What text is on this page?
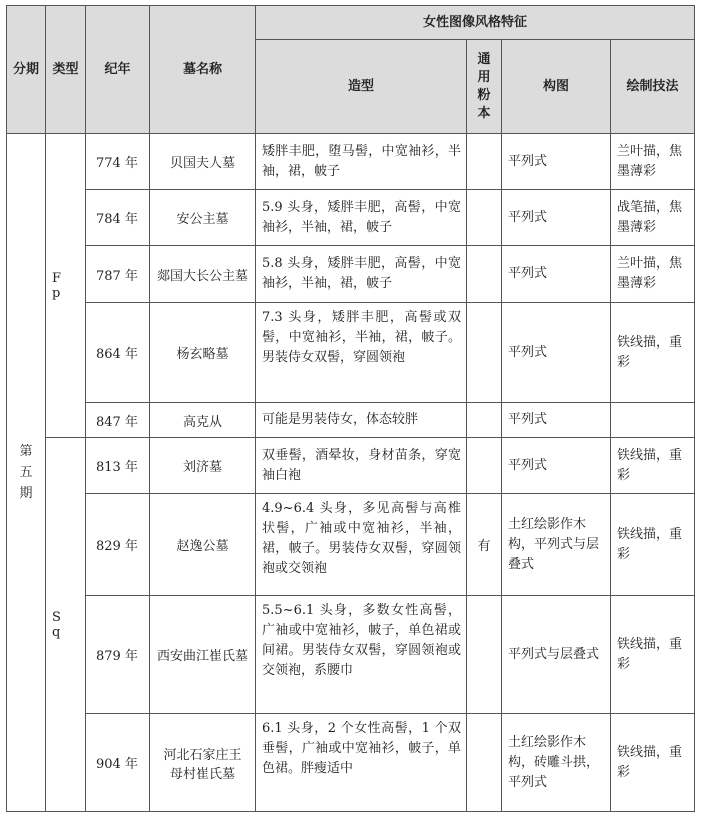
分期	类型	纪年	墓名称	女性图像风格特征			
				造型	通
用
粉
本	构图	绘制技法

第
五
期	F p	774 年	贝国夫人墓	矮胖丰肥，堕马髻，中宽袖衫，半袖，裙，帔子		平列式	兰叶描，焦墨薄彩
		784 年	安公主墓	5.9 头身，矮胖丰肥，高髻，中宽袖衫，半袖，裙，帔子		平列式	战笔描，焦墨薄彩
		787 年	郯国大长公主墓	5.8 头身，矮胖丰肥，高髻，中宽袖衫，半袖，裙，帔子		平列式	兰叶描，焦墨薄彩
		864 年	杨玄略墓	7.3 头身，矮胖丰肥，高髻或双髻，中宽袖衫，半袖，裙，帔子。男装侍女双髻，穿圆领袍		平列式	铁线描，重彩
		847 年	高克从	可能是男装侍女，体态较胖		平列式	
	S q	813 年	刘济墓	双垂髻，酒晕妆，身材苗条，穿宽袖白袍		平列式	铁线描，重彩
		829 年	赵逸公墓	4.9~6.4 头身，多见高髻与高椎状髻，广袖或中宽袖衫，半袖，裙，帔子。男装侍女双髻，穿圆领袍或交领袍	有	土红绘影作木构，平列式与层叠式	铁线描，重彩
		879 年	西安曲江崔氏墓	5.5~6.1 头身，多数女性高髻，广袖或中宽袖衫，帔子，单色裙或间裙。男装侍女双髻，穿圆领袍或交领袍，系腰巾		平列式与层叠式	铁线描，重彩
		904 年	河北石家庄王母村崔氏墓	6.1 头身，2 个女性高髻，1 个双垂髻，广袖或中宽袖衫，帔子，单色裙。胖瘦适中		土红绘影作木构，砖雕斗拱，平列式	铁线描，重彩
